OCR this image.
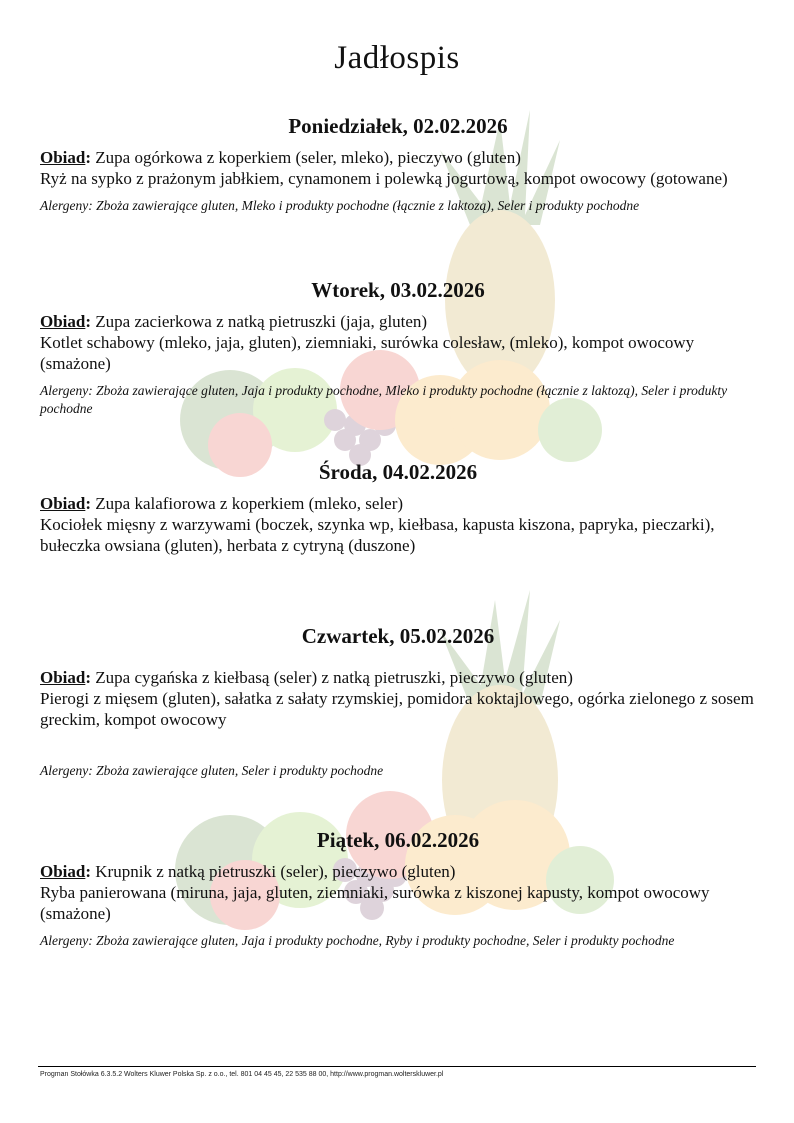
Jadłospis
Poniedziałek, 02.02.2026

Obiad: Zupa ogórkowa z koperkiem (seler, mleko), pieczywo (gluten)
Ryż na sypko z prażonym jabłkiem, cynamonem i polewką jogurtową, kompot owocowy (gotowane)

Alergeny: Zboża zawierające gluten, Mleko i produkty pochodne (łącznie z laktozą), Seler i produkty pochodne
Wtorek, 03.02.2026

Obiad: Zupa zacierkowa z natką pietruszki (jaja, gluten)
Kotlet schabowy (mleko, jaja, gluten), ziemniaki, surówka colesław, (mleko), kompot owocowy (smażone)

Alergeny: Zboża zawierające gluten, Jaja i produkty pochodne, Mleko i produkty pochodne (łącznie z laktozą), Seler i produkty pochodne
Środa, 04.02.2026

Obiad: Zupa kalafiorowa z koperkiem (mleko, seler)
Kociołek mięsny z warzywami (boczek, szynka wp, kiełbasa, kapusta kiszona, papryka, pieczarki), bułeczka owsiana (gluten), herbata z cytryną (duszone)

Czwartek, 05.02.2026

Obiad: Zupa cygańska z kiełbasą (seler) z natką pietruszki, pieczywo (gluten)
Pierogi z mięsem (gluten), sałatka z sałaty rzymskiej, pomidora koktajlowego, ogórka zielonego z sosem greckim, kompot owocowy

Alergeny: Zboża zawierające gluten, Seler i produkty pochodne
Piątek, 06.02.2026

Obiad: Krupnik z natką pietruszki (seler), pieczywo (gluten)
Ryba panierowana (miruna, jaja, gluten, ziemniaki, surówka z kiszonej kapusty, kompot owocowy (smażone)

Alergeny: Zboża zawierające gluten, Jaja i produkty pochodne, Ryby i produkty pochodne, Seler i produkty pochodne
Progman Stołówka 6.3.5.2 Wolters Kluwer Polska Sp. z o.o., tel. 801 04 45 45, 22 535 88 00, http://www.progman.wolterskluwer.pl
